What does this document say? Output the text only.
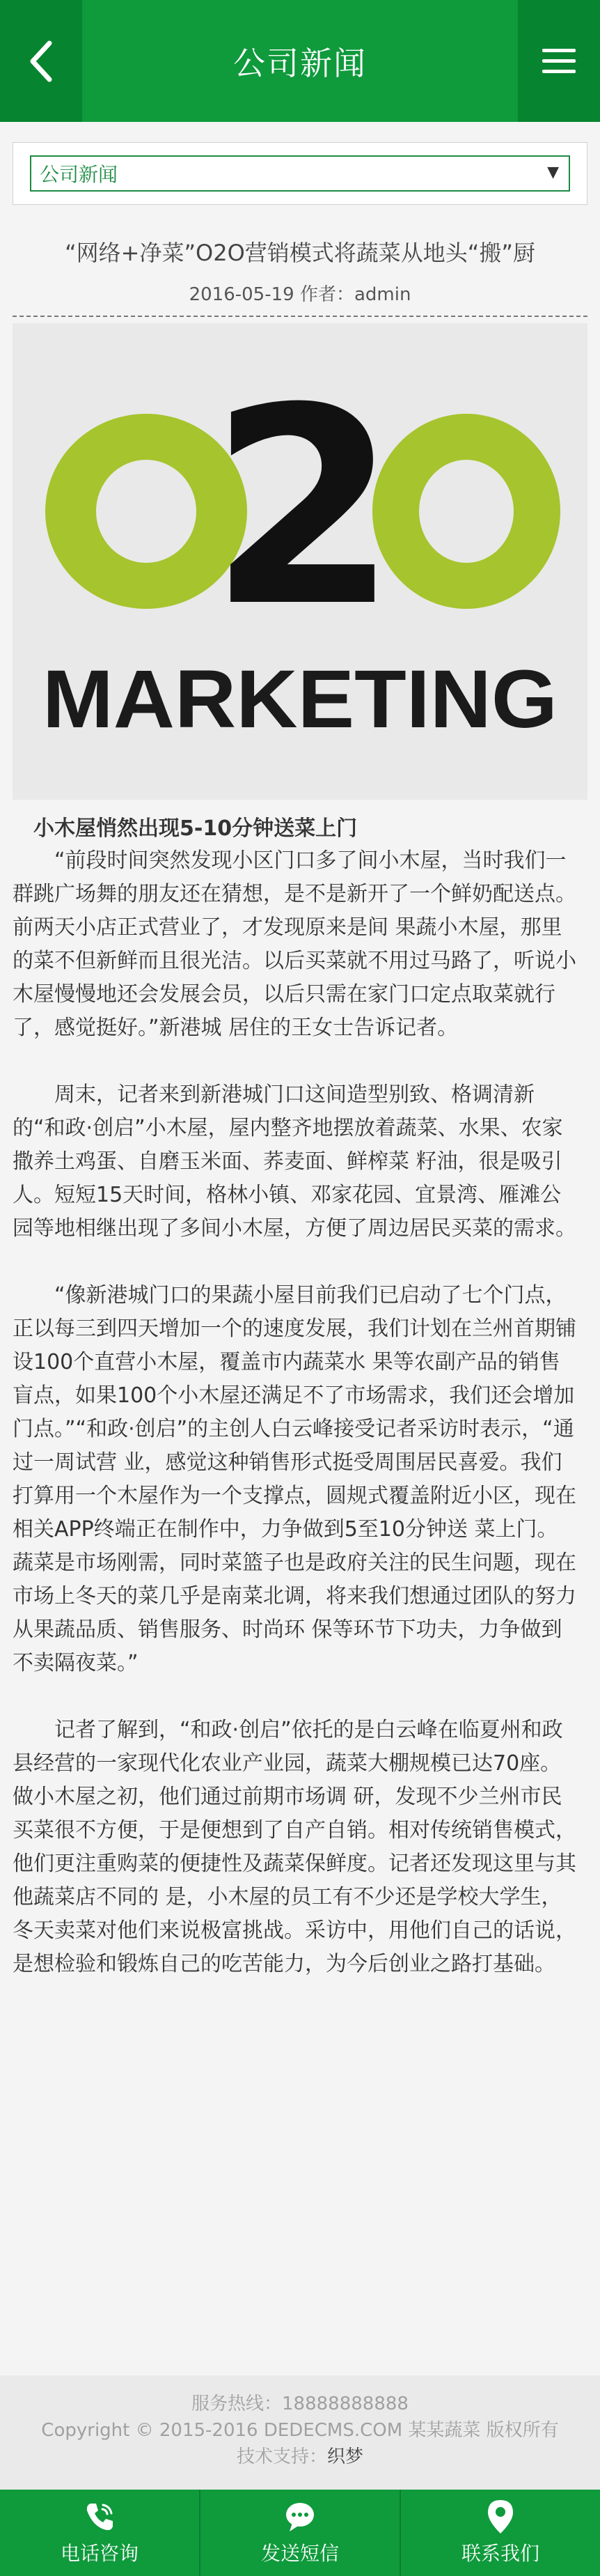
公司新闻
公司新闻	▼
“网络+净菜”O2O营销模式将蔬菜从地头“搬”厨
2016-05-19 作者：admin
2
MARKETING
小木屋悄然出现5-10分钟送菜上门

“前段时间突然发现小区门口多了间小木屋，当时我们一群跳广场舞的朋友还在猜想，是不是新开了一个鲜奶配送点。前两天小店正式营业了，才发现原来是间 果蔬小木屋，那里的菜不但新鲜而且很光洁。以后买菜就不用过马路了，听说小木屋慢慢地还会发展会员，以后只需在家门口定点取菜就行了，感觉挺好。”新港城 居住的王女士告诉记者。

周末，记者来到新港城门口这间造型别致、格调清新的“和政·创启”小木屋，屋内整齐地摆放着蔬菜、水果、农家撒养土鸡蛋、自磨玉米面、荞麦面、鲜榨菜 籽油，很是吸引人。短短15天时间，格林小镇、邓家花园、宜景湾、雁滩公园等地相继出现了多间小木屋，方便了周边居民买菜的需求。

“像新港城门口的果蔬小屋目前我们已启动了七个门点，正以每三到四天增加一个的速度发展，我们计划在兰州首期铺设100个直营小木屋，覆盖市内蔬菜水 果等农副产品的销售盲点，如果100个小木屋还满足不了市场需求，我们还会增加门点。”“和政·创启”的主创人白云峰接受记者采访时表示，“通过一周试营 业，感觉这种销售形式挺受周围居民喜爱。我们打算用一个木屋作为一个支撑点，圆规式覆盖附近小区，现在相关APP终端正在制作中，力争做到5至10分钟送 菜上门。蔬菜是市场刚需，同时菜篮子也是政府关注的民生问题，现在市场上冬天的菜几乎是南菜北调，将来我们想通过团队的努力从果蔬品质、销售服务、时尚环 保等环节下功夫，力争做到不卖隔夜菜。”

记者了解到，“和政·创启”依托的是白云峰在临夏州和政县经营的一家现代化农业产业园，蔬菜大棚规模已达70座。做小木屋之初，他们通过前期市场调 研，发现不少兰州市民买菜很不方便，于是便想到了自产自销。相对传统销售模式，他们更注重购菜的便捷性及蔬菜保鲜度。记者还发现这里与其他蔬菜店不同的 是，小木屋的员工有不少还是学校大学生，冬天卖菜对他们来说极富挑战。采访中，用他们自己的话说，是想检验和锻炼自己的吃苦能力，为今后创业之路打基础。

服务热线：18888888888
Copyright © 2015-2016 DEDECMS.COM 某某蔬菜 版权所有
技术支持：织梦
电话咨询	发送短信	联系我们
